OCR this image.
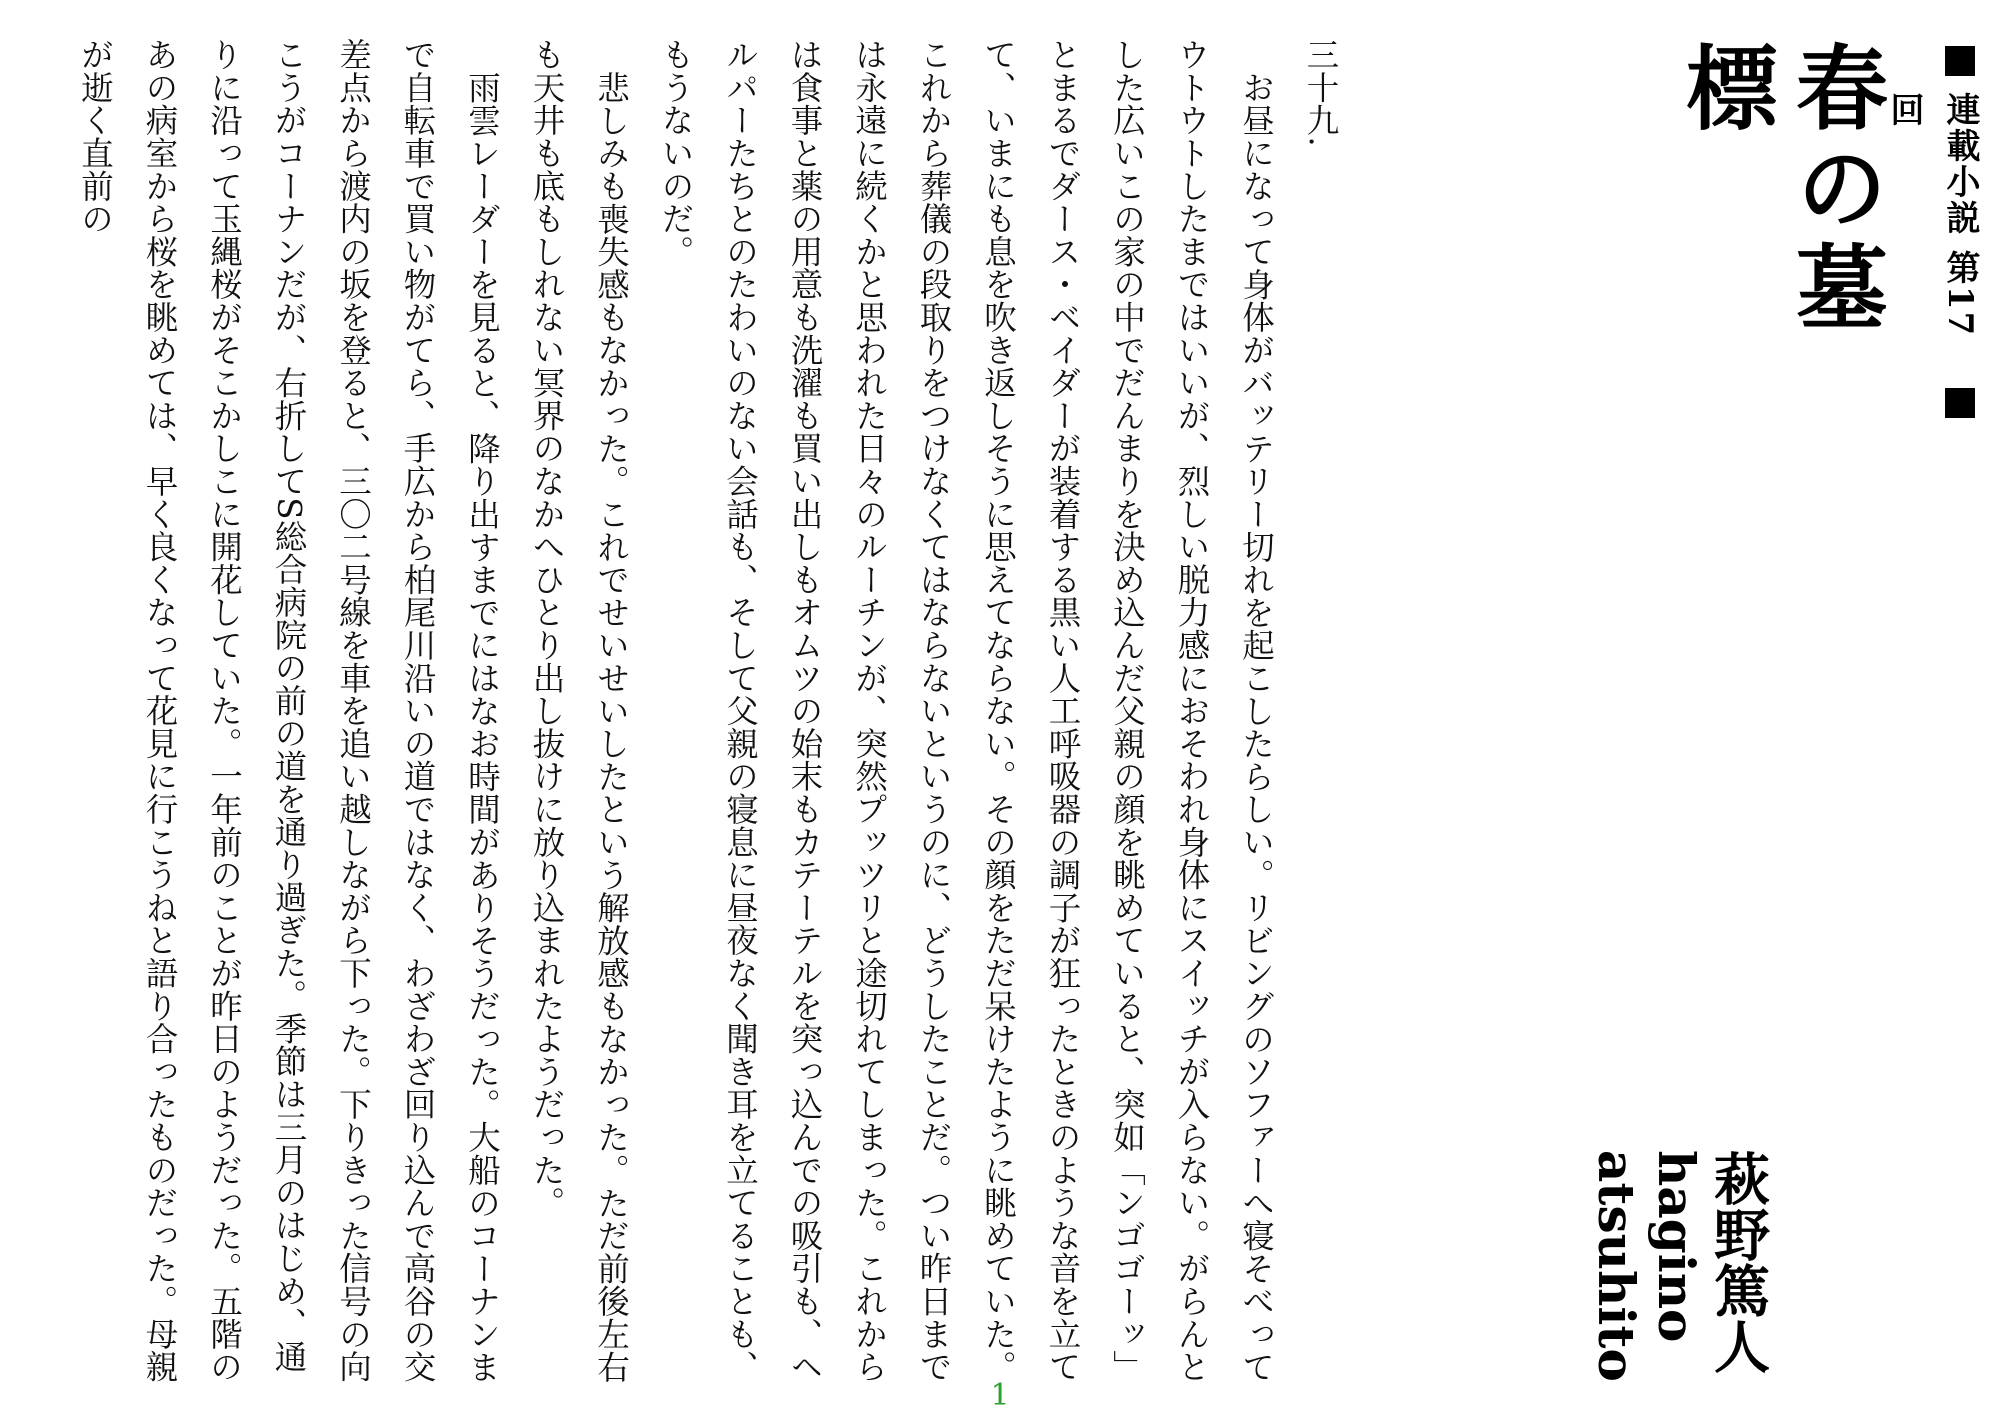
連載小説 第17回
春の墓標
萩野篤人
hagino atsuhito

三十九.

お昼になって身体がバッテリー切れを起こしたらしい。リビングのソファーへ寝そべってウトウトしたまではいいが、烈しい脱力感におそわれ身体にスイッチが入らない。がらんとした広いこの家の中でだんまりを決め込んだ父親の顔を眺めていると、突如「ンゴゴーッ」とまるでダース・ベイダーが装着する黒い人工呼吸器の調子が狂ったときのような音を立てて、いまにも息を吹き返しそうに思えてならない。その顔をただ呆けたように眺めていた。これから葬儀の段取りをつけなくてはならないというのに、どうしたことだ。つい昨日までは永遠に続くかと思われた日々のルーチンが、突然プッツリと途切れてしまった。これからは食事と薬の用意も洗濯も買い出しもオムツの始末もカテーテルを突っ込んでの吸引も、ヘルパーたちとのたわいのない会話も、そして父親の寝息に昼夜なく聞き耳を立てることも、もうないのだ。

悲しみも喪失感もなかった。これでせいせいしたという解放感もなかった。ただ前後左右も天井も底もしれない冥界のなかへひとり出し抜けに放り込まれたようだった。

雨雲レーダーを見ると、降り出すまでにはなお時間がありそうだった。大船のコーナンまで自転車で買い物がてら、手広から柏尾川沿いの道ではなく、わざわざ回り込んで高谷の交差点から渡内の坂を登ると、三〇二号線を車を追い越しながら下った。下りきった信号の向こうがコーナンだが、右折してS総合病院の前の道を通り過ぎた。季節は三月のはじめ、通りに沿って玉縄桜がそこかしこに開花していた。一年前のことが昨日のようだった。五階のあの病室から桜を眺めては、早く良くなって花見に行こうねと語り合ったものだった。母親が逝く直前の

1
